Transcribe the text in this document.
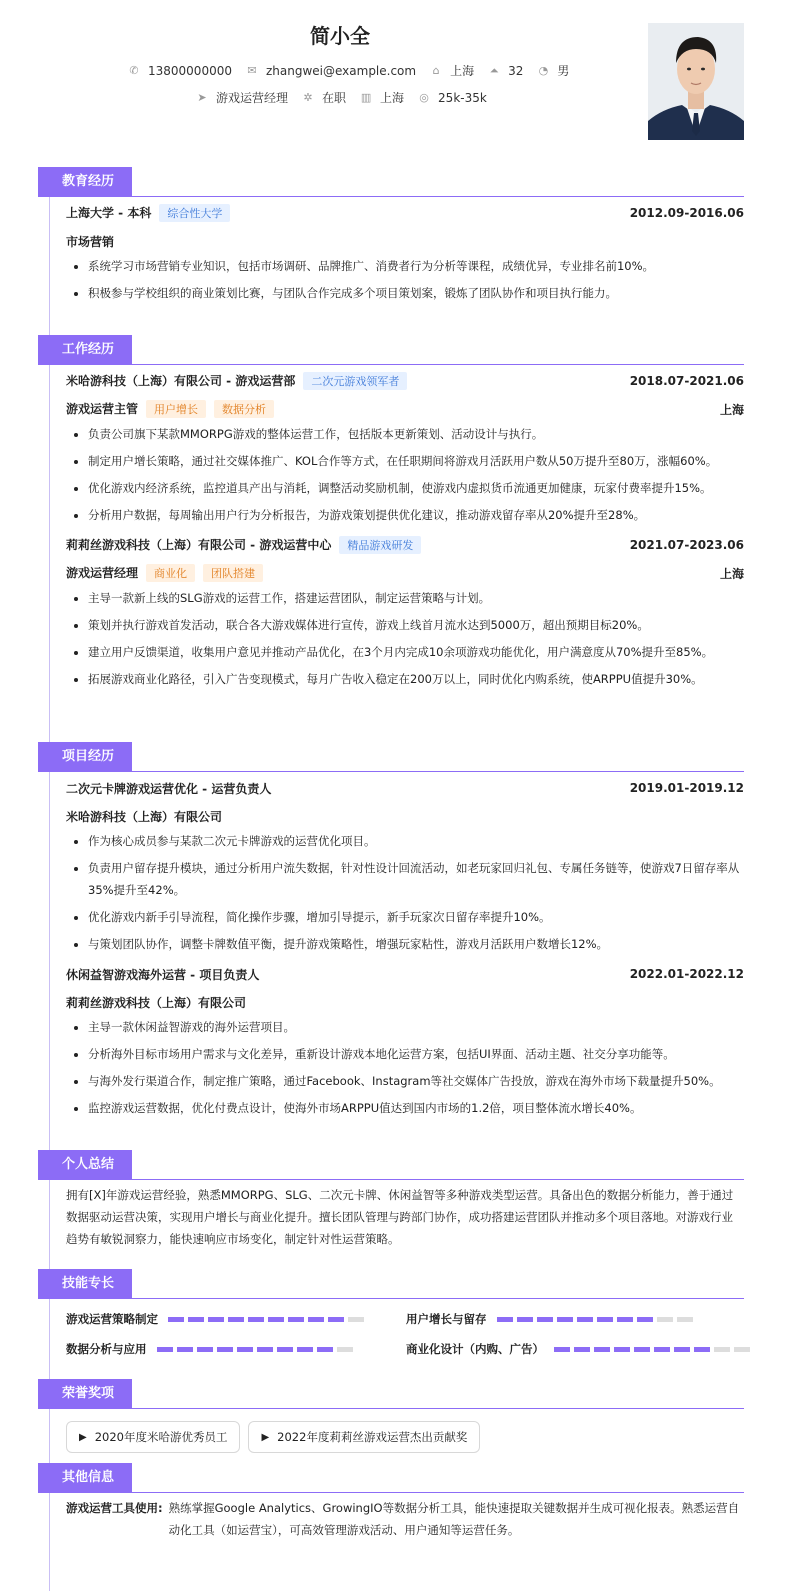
简小全
✆ 13800000000 ✉ zhangwei@example.com ⌂ 上海 ⏶ 32 ◔ 男
➤ 游戏运营经理 ✲ 在职 ▥ 上海 ◎ 25k-35k
教育经历
上海大学 - 本科 综合性大学	2012.09-2016.06
市场营销
• 系统学习市场营销专业知识，包括市场调研、品牌推广、消费者行为分析等课程，成绩优异，专业排名前10%。
• 积极参与学校组织的商业策划比赛，与团队合作完成多个项目策划案，锻炼了团队协作和项目执行能力。
工作经历
米哈游科技（上海）有限公司 - 游戏运营部 二次元游戏领军者	2018.07-2021.06
游戏运营主管 用户增长 数据分析	上海
• 负责公司旗下某款MMORPG游戏的整体运营工作，包括版本更新策划、活动设计与执行。
• 制定用户增长策略，通过社交媒体推广、KOL合作等方式，在任职期间将游戏月活跃用户数从50万提升至80万，涨幅60%。
• 优化游戏内经济系统，监控道具产出与消耗，调整活动奖励机制，使游戏内虚拟货币流通更加健康，玩家付费率提升15%。
• 分析用户数据，每周输出用户行为分析报告，为游戏策划提供优化建议，推动游戏留存率从20%提升至28%。
莉莉丝游戏科技（上海）有限公司 - 游戏运营中心 精品游戏研发	2021.07-2023.06
游戏运营经理 商业化 团队搭建	上海
• 主导一款新上线的SLG游戏的运营工作，搭建运营团队，制定运营策略与计划。
• 策划并执行游戏首发活动，联合各大游戏媒体进行宣传，游戏上线首月流水达到5000万，超出预期目标20%。
• 建立用户反馈渠道，收集用户意见并推动产品优化，在3个月内完成10余项游戏功能优化，用户满意度从70%提升至85%。
• 拓展游戏商业化路径，引入广告变现模式，每月广告收入稳定在200万以上，同时优化内购系统，使ARPPU值提升30%。
项目经历
二次元卡牌游戏运营优化 - 运营负责人	2019.01-2019.12
米哈游科技（上海）有限公司
• 作为核心成员参与某款二次元卡牌游戏的运营优化项目。
• 负责用户留存提升模块，通过分析用户流失数据，针对性设计回流活动，如老玩家回归礼包、专属任务链等，使游戏7日留存率从35%提升至42%。
• 优化游戏内新手引导流程，简化操作步骤，增加引导提示，新手玩家次日留存率提升10%。
• 与策划团队协作，调整卡牌数值平衡，提升游戏策略性，增强玩家粘性，游戏月活跃用户数增长12%。
休闲益智游戏海外运营 - 项目负责人	2022.01-2022.12
莉莉丝游戏科技（上海）有限公司
• 主导一款休闲益智游戏的海外运营项目。
• 分析海外目标市场用户需求与文化差异，重新设计游戏本地化运营方案，包括UI界面、活动主题、社交分享功能等。
• 与海外发行渠道合作，制定推广策略，通过Facebook、Instagram等社交媒体广告投放，游戏在海外市场下载量提升50%。
• 监控游戏运营数据，优化付费点设计，使海外市场ARPPU值达到国内市场的1.2倍，项目整体流水增长40%。
个人总结

拥有[X]年游戏运营经验，熟悉MMORPG、SLG、二次元卡牌、休闲益智等多种游戏类型运营。具备出色的数据分析能力，善于通过数据驱动运营决策，实现用户增长与商业化提升。擅长团队管理与跨部门协作，成功搭建运营团队并推动多个项目落地。对游戏行业趋势有敏锐洞察力，能快速响应市场变化，制定针对性运营策略。

技能专长
游戏运营策略制定	用户增长与留存
数据分析与应用	商业化设计（内购、广告）
荣誉奖项
▶ 2020年度米哈游优秀员工	▶ 2022年度莉莉丝游戏运营杰出贡献奖
其他信息
游戏运营工具使用: 熟练掌握Google Analytics、GrowingIO等数据分析工具，能快速提取关键数据并生成可视化报表。熟悉运营自动化工具（如运营宝），可高效管理游戏活动、用户通知等运营任务。
